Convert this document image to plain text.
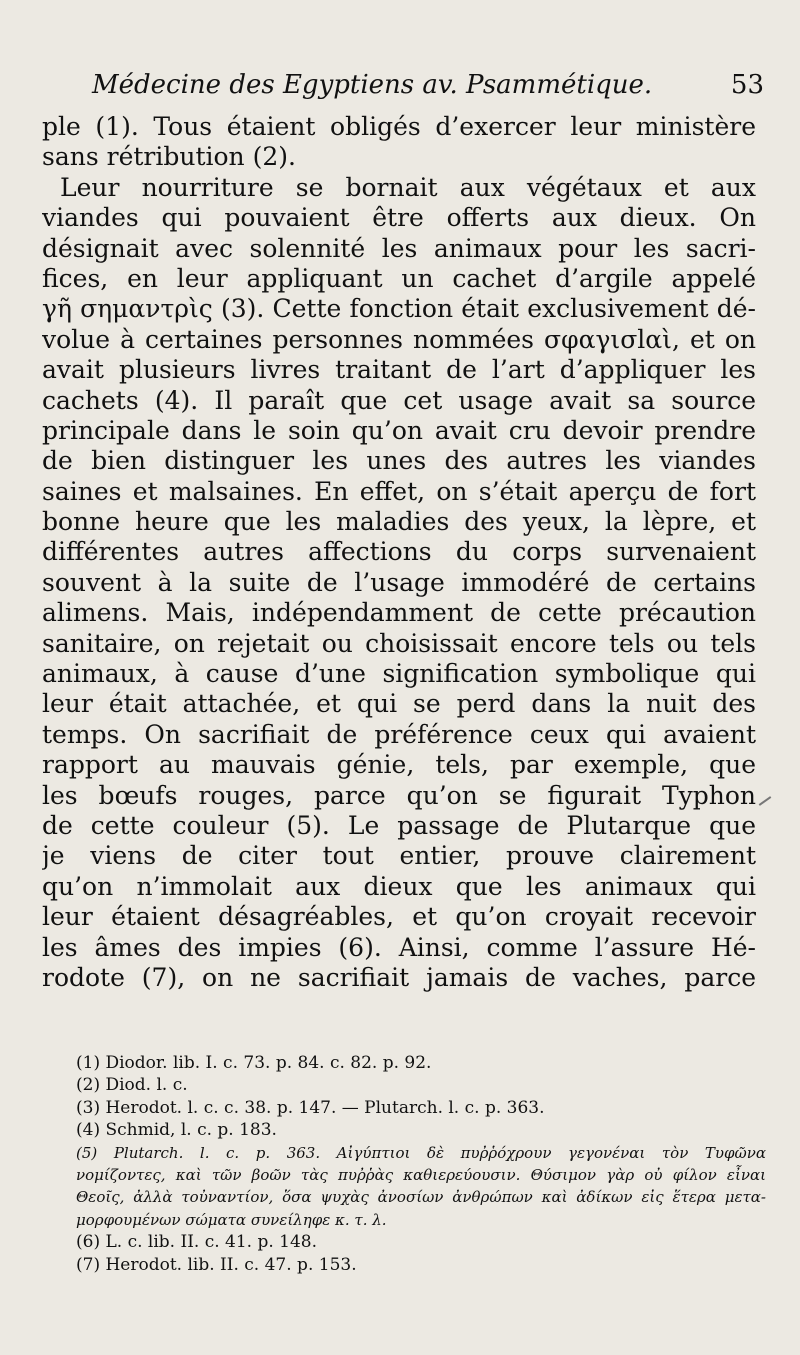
Médecine des Egyptiens av. Psammétique.	53
ple (1). Tous étaient obligés d’exercer leur ministère
sans rétribution (2).
Leur nourriture se bornait aux végétaux et aux
viandes qui pouvaient être offerts aux dieux. On
désignait avec solennité les animaux pour les sacri-
fices, en leur appliquant un cachet d’argile appelé
γῆ σημαντρὶς (3). Cette fonction était exclusivement dé-
volue à certaines personnes nommées σφαγισlαὶ, et on
avait plusieurs livres traitant de l’art d’appliquer les
cachets (4). Il paraît que cet usage avait sa source
principale dans le soin qu’on avait cru devoir prendre
de bien distinguer les unes des autres les viandes
saines et malsaines. En effet, on s’était aperçu de fort
bonne heure que les maladies des yeux, la lèpre, et
différentes autres affections du corps survenaient
souvent à la suite de l’usage immodéré de certains
alimens. Mais, indépendamment de cette précaution
sanitaire, on rejetait ou choisissait encore tels ou tels
animaux, à cause d’une signification symbolique qui
leur était attachée, et qui se perd dans la nuit des
temps. On sacrifiait de préférence ceux qui avaient
rapport au mauvais génie, tels, par exemple, que
les bœufs rouges, parce qu’on se figurait Typhon
de cette couleur (5). Le passage de Plutarque que
je viens de citer tout entier, prouve clairement
qu’on n’immolait aux dieux que les animaux qui
leur étaient désagréables, et qu’on croyait recevoir
les âmes des impies (6). Ainsi, comme l’assure Hé-
rodote (7), on ne sacrifiait jamais de vaches, parce
(1) Diodor. lib. I. c. 73. p. 84. c. 82. p. 92.
(2) Diod. l. c.
(3) Herodot. l. c. c. 38. p. 147. — Plutarch. l. c. p. 363.
(4) Schmid, l. c. p. 183.
(5) Plutarch. l. c. p. 363. Αἰγύπτιοι δὲ πυῤῥόχρουν γεγονέναι τὸν Τυφῶνα
νομίζοντες, καὶ τῶν βοῶν τὰς πυῤῥὰς καθιερεύουσιν. Θύσιμον γὰρ οὐ φίλον εἶναι
Θεοῖς, ἀλλὰ τοὐναντίον, ὅσα ψυχὰς ἀνοσίων ἀνθρώπων καὶ ἀδίκων εἰς ἕτερα μετα-
μορφουμένων σώματα συνείληφε κ. τ. λ.
(6) L. c. lib. II. c. 41. p. 148.
(7) Herodot. lib. II. c. 47. p. 153.
